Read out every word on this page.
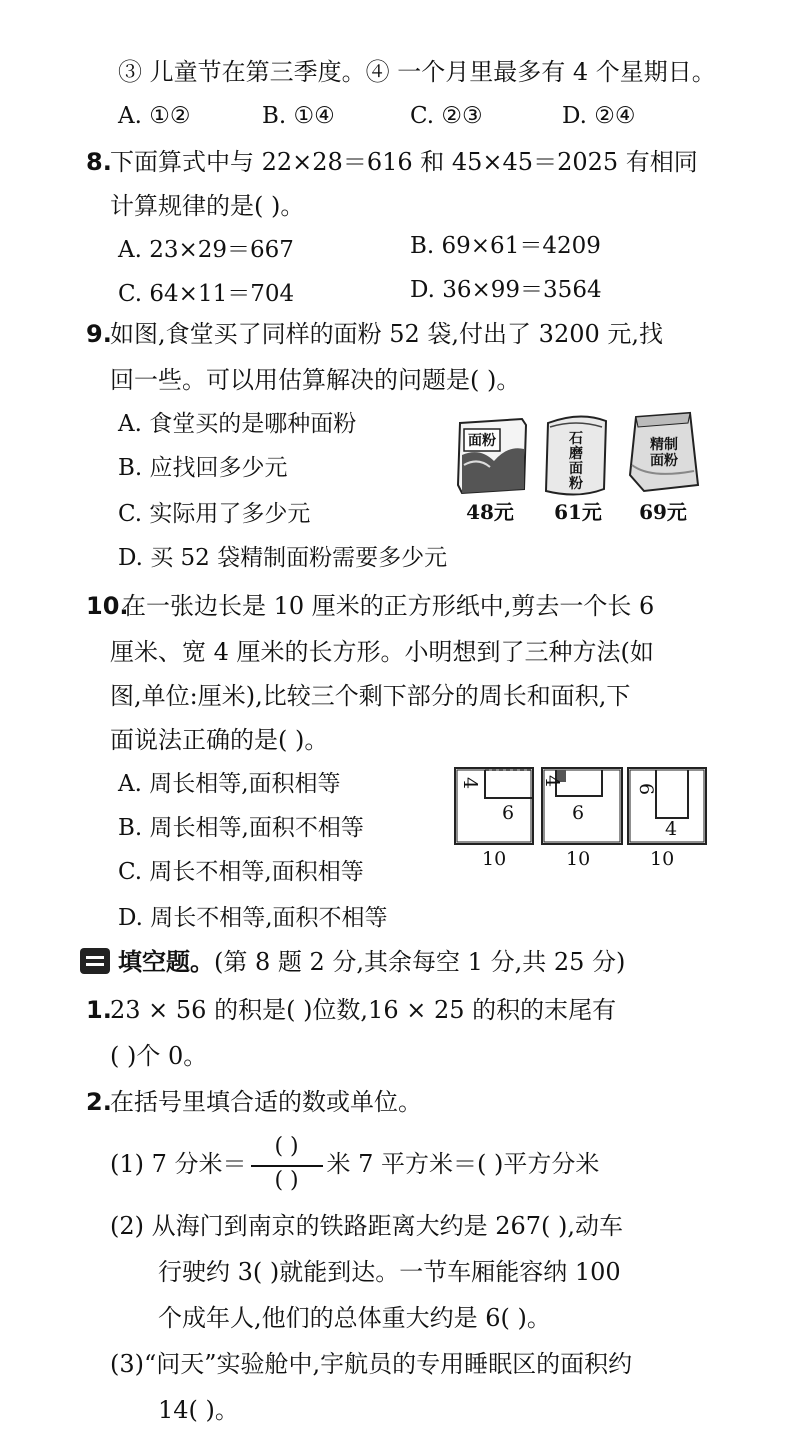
③ 儿童节在第三季度。④ 一个月里最多有 4 个星期日。
A. ①②	B. ①④	C. ②③	D. ②④
8.
下面算式中与 22×28＝616 和 45×45＝2025 有相同
计算规律的是( )。
A. 23×29＝667	B. 69×61＝4209
C. 64×11＝704	D. 36×99＝3564
9.
如图,食堂买了同样的面粉 52 袋,付出了 3200 元,找
回一些。可以用估算解决的问题是( )。
A. 食堂买的是哪种面粉
B. 应找回多少元
C. 实际用了多少元
D. 买 52 袋精制面粉需要多少元
面粉	石
磨
面
粉
精制
面粉
48元	61元	69元
10.
在一张边长是 10 厘米的正方形纸中,剪去一个长 6
厘米、宽 4 厘米的长方形。小明想到了三种方法(如
图,单位:厘米),比较三个剩下部分的周长和面积,下
面说法正确的是( )。
A. 周长相等,面积相等
B. 周长相等,面积不相等
C. 周长不相等,面积相等
D. 周长不相等,面积不相等
4
6
10
4
6
10
6
4
10
填空题。(第 8 题 2 分,其余每空 1 分,共 25 分)
1.
23 × 56 的积是( )位数,16 × 25 的积的末尾有
( )个 0。
2.
在括号里填合适的数或单位。
(1) 7 分米＝ $\frac{( )}{( )}$ 米 7 平方米＝( )平方分米
(2) 从海门到南京的铁路距离大约是 267( ),动车
行驶约 3( )就能到达。一节车厢能容纳 100
个成年人,他们的总体重大约是 6( )。
(3)“问天”实验舱中,宇航员的专用睡眠区的面积约
14( )。
